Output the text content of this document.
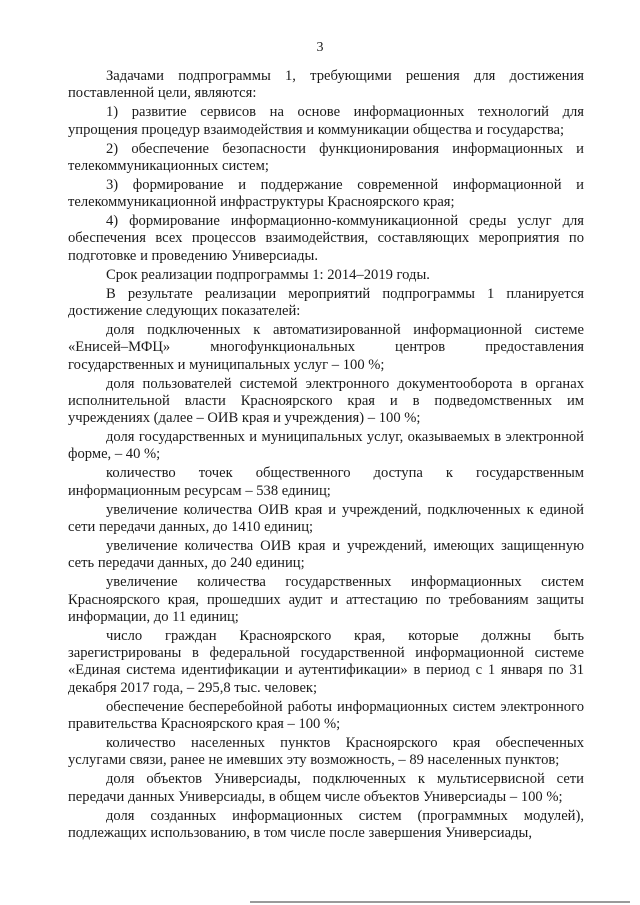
3

Задачами подпрограммы 1, требующими решения для достижения поставленной цели, являются:

1) развитие сервисов на основе информационных технологий для упрощения процедур взаимодействия и коммуникации общества и государства;

2) обеспечение безопасности функционирования информационных и телекоммуникационных систем;

3) формирование и поддержание современной информационной и телекоммуникационной инфраструктуры Красноярского края;

4) формирование информационно-коммуникационной среды услуг для обеспечения всех процессов взаимодействия, составляющих мероприятия по подготовке и проведению Универсиады.

Срок реализации подпрограммы 1: 2014–2019 годы.

В результате реализации мероприятий подпрограммы 1 планируется достижение следующих показателей:

доля подключенных к автоматизированной информационной системе «Енисей–МФЦ» многофункциональных центров предоставления государственных и муниципальных услуг – 100 %;

доля пользователей системой электронного документооборота в органах исполнительной власти Красноярского края и в подведомственных им учреждениях (далее – ОИВ края и учреждения) – 100 %;

доля государственных и муниципальных услуг, оказываемых в электронной форме, – 40 %;

количество точек общественного доступа к государственным информационным ресурсам – 538 единиц;

увеличение количества ОИВ края и учреждений, подключенных к единой сети передачи данных, до 1410 единиц;

увеличение количества ОИВ края и учреждений, имеющих защищенную сеть передачи данных, до 240 единиц;

увеличение количества государственных информационных систем Красноярского края, прошедших аудит и аттестацию по требованиям защиты информации, до 11 единиц;

число граждан Красноярского края, которые должны быть зарегистрированы в федеральной государственной информационной системе «Единая система идентификации и аутентификации» в период с 1 января по 31 декабря 2017 года, – 295,8 тыс. человек;

обеспечение бесперебойной работы информационных систем электронного правительства Красноярского края – 100 %;

количество населенных пунктов Красноярского края обеспеченных услугами связи, ранее не имевших эту возможность, – 89 населенных пунктов;

доля объектов Универсиады, подключенных к мультисервисной сети передачи данных Универсиады, в общем числе объектов Универсиады – 100 %;

доля созданных информационных систем (программных модулей), подлежащих использованию, в том числе после завершения Универсиады,
